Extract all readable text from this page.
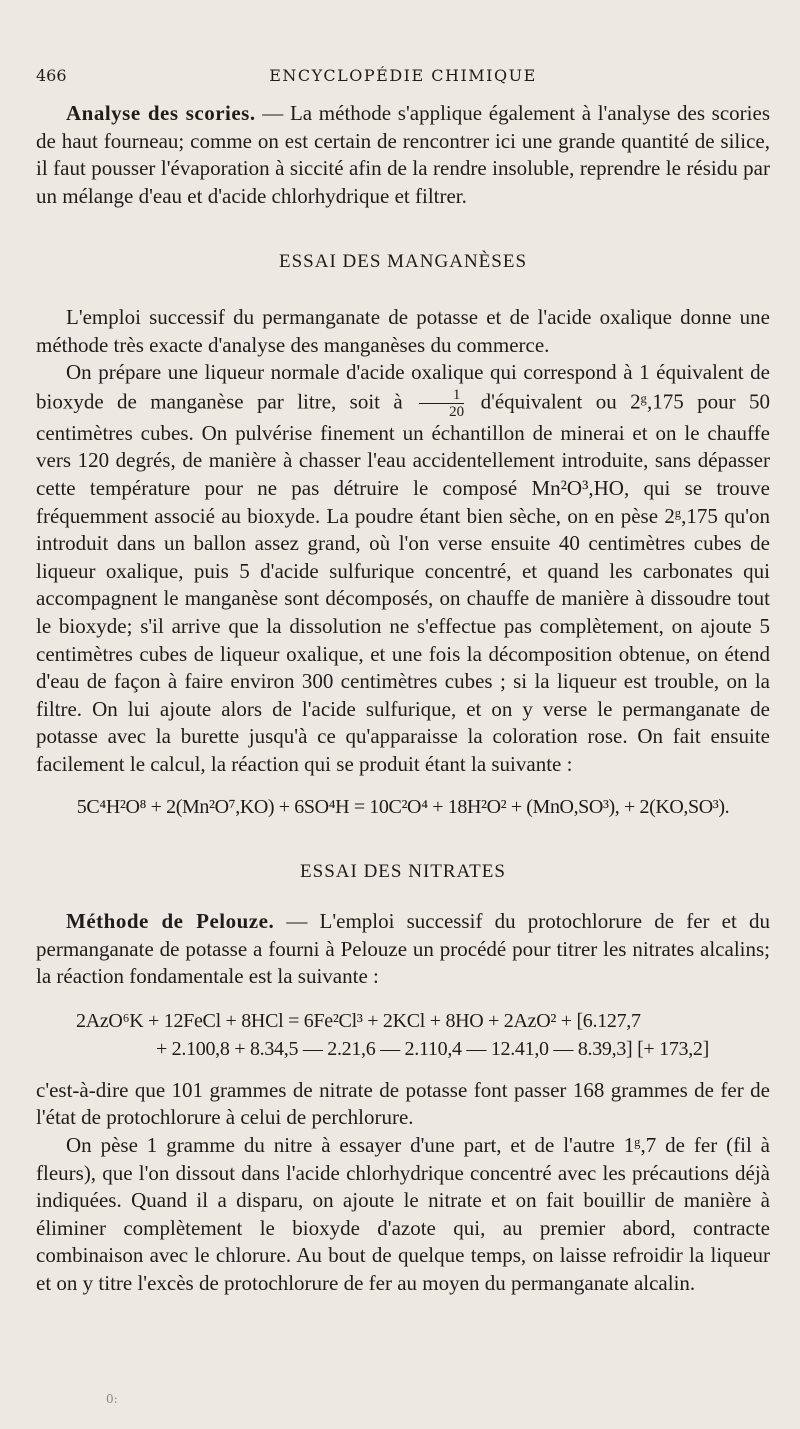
466	ENCYCLOPÉDIE CHIMIQUE

Analyse des scories. — La méthode s'applique également à l'analyse des scories de haut fourneau; comme on est certain de rencontrer ici une grande quantité de silice, il faut pousser l'évaporation à siccité afin de la rendre insoluble, reprendre le résidu par un mélange d'eau et d'acide chlorhydrique et filtrer.

ESSAI DES MANGANÈSES

L'emploi successif du permanganate de potasse et de l'acide oxalique donne une méthode très exacte d'analyse des manganèses du commerce.

On prépare une liqueur normale d'acide oxalique qui correspond à 1 équivalent de bioxyde de manganèse par litre, soit à $\frac{1}{20}$ d'équivalent ou 2ᵍ,175 pour 50 centimètres cubes. On pulvérise finement un échantillon de minerai et on le chauffe vers 120 degrés, de manière à chasser l'eau accidentellement introduite, sans dépasser cette température pour ne pas détruire le composé Mn²O³,HO, qui se trouve fréquemment associé au bioxyde. La poudre étant bien sèche, on en pèse 2ᵍ,175 qu'on introduit dans un ballon assez grand, où l'on verse ensuite 40 centimètres cubes de liqueur oxalique, puis 5 d'acide sulfurique concentré, et quand les carbonates qui accompagnent le manganèse sont décomposés, on chauffe de manière à dissoudre tout le bioxyde; s'il arrive que la dissolution ne s'effectue pas complètement, on ajoute 5 centimètres cubes de liqueur oxalique, et une fois la décomposition obtenue, on étend d'eau de façon à faire environ 300 centimètres cubes ; si la liqueur est trouble, on la filtre. On lui ajoute alors de l'acide sulfurique, et on y verse le permanganate de potasse avec la burette jusqu'à ce qu'apparaisse la coloration rose. On fait ensuite facilement le calcul, la réaction qui se produit étant la suivante :

5C⁴H²O⁸ + 2(Mn²O⁷,KO) + 6SO⁴H = 10C²O⁴ + 18H²O² + (MnO,SO³), + 2(KO,SO³).
ESSAI DES NITRATES

Méthode de Pelouze. — L'emploi successif du protochlorure de fer et du permanganate de potasse a fourni à Pelouze un procédé pour titrer les nitrates alcalins; la réaction fondamentale est la suivante :

2AzO⁶K + 12FeCl + 8HCl = 6Fe²Cl³ + 2KCl + 8HO + 2AzO² + [6.127,7
+ 2.100,8 + 8.34,5 — 2.21,6 — 2.110,4 — 12.41,0 — 8.39,3] [+ 173,2]

c'est-à-dire que 101 grammes de nitrate de potasse font passer 168 grammes de fer de l'état de protochlorure à celui de perchlorure.

On pèse 1 gramme du nitre à essayer d'une part, et de l'autre 1ᵍ,7 de fer (fil à fleurs), que l'on dissout dans l'acide chlorhydrique concentré avec les précautions déjà indiquées. Quand il a disparu, on ajoute le nitrate et on fait bouillir de manière à éliminer complètement le bioxyde d'azote qui, au premier abord, contracte combinaison avec le chlorure. Au bout de quelque temps, on laisse refroidir la liqueur et on y titre l'excès de protochlorure de fer au moyen du permanganate alcalin.

0:
